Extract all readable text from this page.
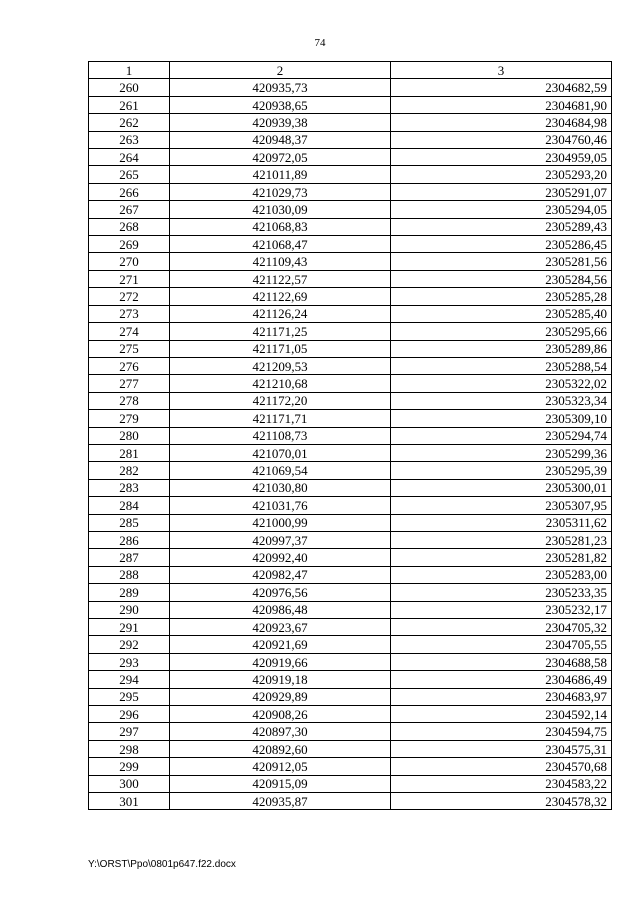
74
1	2	3
260	420935,73	2304682,59
261	420938,65	2304681,90
262	420939,38	2304684,98
263	420948,37	2304760,46
264	420972,05	2304959,05
265	421011,89	2305293,20
266	421029,73	2305291,07
267	421030,09	2305294,05
268	421068,83	2305289,43
269	421068,47	2305286,45
270	421109,43	2305281,56
271	421122,57	2305284,56
272	421122,69	2305285,28
273	421126,24	2305285,40
274	421171,25	2305295,66
275	421171,05	2305289,86
276	421209,53	2305288,54
277	421210,68	2305322,02
278	421172,20	2305323,34
279	421171,71	2305309,10
280	421108,73	2305294,74
281	421070,01	2305299,36
282	421069,54	2305295,39
283	421030,80	2305300,01
284	421031,76	2305307,95
285	421000,99	2305311,62
286	420997,37	2305281,23
287	420992,40	2305281,82
288	420982,47	2305283,00
289	420976,56	2305233,35
290	420986,48	2305232,17
291	420923,67	2304705,32
292	420921,69	2304705,55
293	420919,66	2304688,58
294	420919,18	2304686,49
295	420929,89	2304683,97
296	420908,26	2304592,14
297	420897,30	2304594,75
298	420892,60	2304575,31
299	420912,05	2304570,68
300	420915,09	2304583,22
301	420935,87	2304578,32
Y:\ORST\Ppo\0801p647.f22.docx
